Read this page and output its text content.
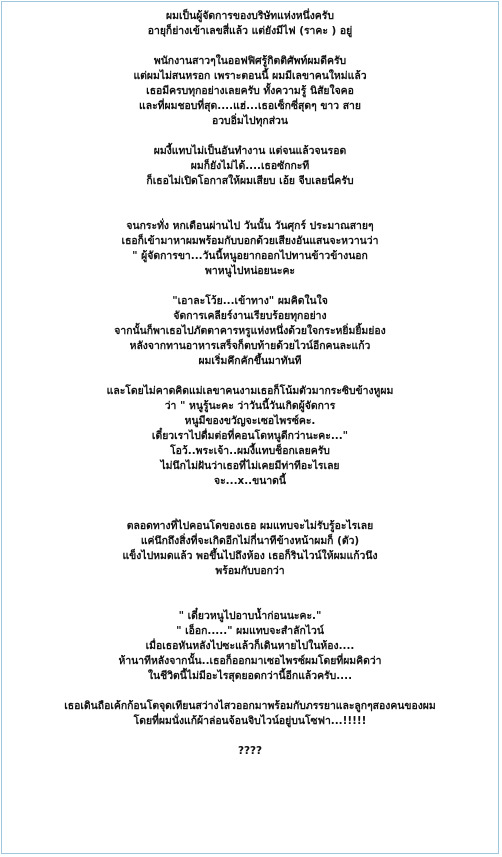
ผมเป็นผู้จัดการของบริษัทแห่งหนึ่งครับ
อายุก็ย่างเข้าเลขสี่แล้ว แต่ยังมีไฟ (ราคะ ) อยู่

พนักงานสาวๆในออฟฟิศรู้กิตติศัพท์ผมดีครับ
แต่ผมไม่สนหรอก เพราะตอนนี้ ผมมีเลขาคนใหม่แล้ว
เธอมีครบทุกอย่างเลยครับ ทั้งความรู้ นิสัยใจคอ
และที่ผมชอบที่สุด....แฮ่...เธอเซ็กซี่สุดๆ ขาว สาย
อวบอิ่มไปทุกส่วน

ผมงี้แทบไม่เป็นอันทำงาน แต่จนแล้วจนรอด
ผมก็ยังไม่ได้....เธอซักกะที
ก็เธอไม่เปิดโอกาสให้ผมเสียบ เอ้ย จีบเลยนี่ครับ

จนกระทั่ง หกเดือนผ่านไป วันนั้น วันศุกร์ ประมาณสายๆ
เธอก็เข้ามาหาผมพร้อมกับบอกด้วยเสียงอันแสนจะหวานว่า
" ผู้จัดการขา...วันนี้หนูอยากออกไปทานข้าวข้างนอก
พาหนูไปหน่อยนะคะ

"เอาละโว้ย...เข้าทาง" ผมคิดในใจ
จัดการเคลียร์งานเรียบร้อยทุกอย่าง
จากนั้นก็พาเธอไปภัตตาคารหรูแห่งหนึ่งด้วยใจกระหยิ่มยิ้มย่อง
หลังจากทานอาหารเสร็จก็ตบท้ายด้วยไวน์อีกคนละแก้ว
ผมเริ่มคึกคักขึ้นมาทันที

และโดยไม่คาดคิดแม่เลขาคนงามเธอก็โน้มตัวมากระซิบข้างหูผม
ว่า " หนูรู้นะคะ ว่าวันนี้วันเกิดผู้จัดการ
หนูมีของขวัญจะเซอไพรซ์คะ.
เดี๋ยวเราไปดื่มต่อที่คอนโดหนูดีกว่านะคะ..."
โอว้..พระเจ้า..ผมงี้แทบช็อกเลยครับ
ไม่นึกไม่ฝันว่าเธอที่ไม่เคยมีท่าทีอะไรเลย
จะ...x..ขนาดนี้

ตลอดทางที่ไปคอนโดของเธอ ผมแทบจะไม่รับรู้อะไรเลย
แค่นึกถึงสิ่งที่จะเกิดอีกไม่กี่นาทีข้างหน้าผมก็ (ตัว)
แข็งไปหมดแล้ว พอขึ้นไปถึงห้อง เธอก็รินไวน์ให้ผมแก้วนึง
พร้อมกับบอกว่า

" เดี๋ยวหนูไปอาบน้ำก่อนนะคะ."
" เอ็อก....." ผมแทบจะสำลักไวน์
เมื่อเธอหันหลังไปซะแล้วก็เดินหายไปในห้อง....
ห้านาทีหลังจากนั้น..เธอก็ออกมาเซอไพรซ์ผมโดยที่ผมคิดว่า
ในชีวิตนี้ไม่มีอะไรสุดยอดกว่านี้อีกแล้วครับ....

เธอเดินถือเค้กก้อนโตจุดเทียนสว่างไสวออกมาพร้อมกับภรรยาและลูกๆสองคนของผม
โดยที่ผมนั่งแก้ผ้าล่อนจ้อนจิบไวน์อยู่บนโซฟา...!!!!!

????
